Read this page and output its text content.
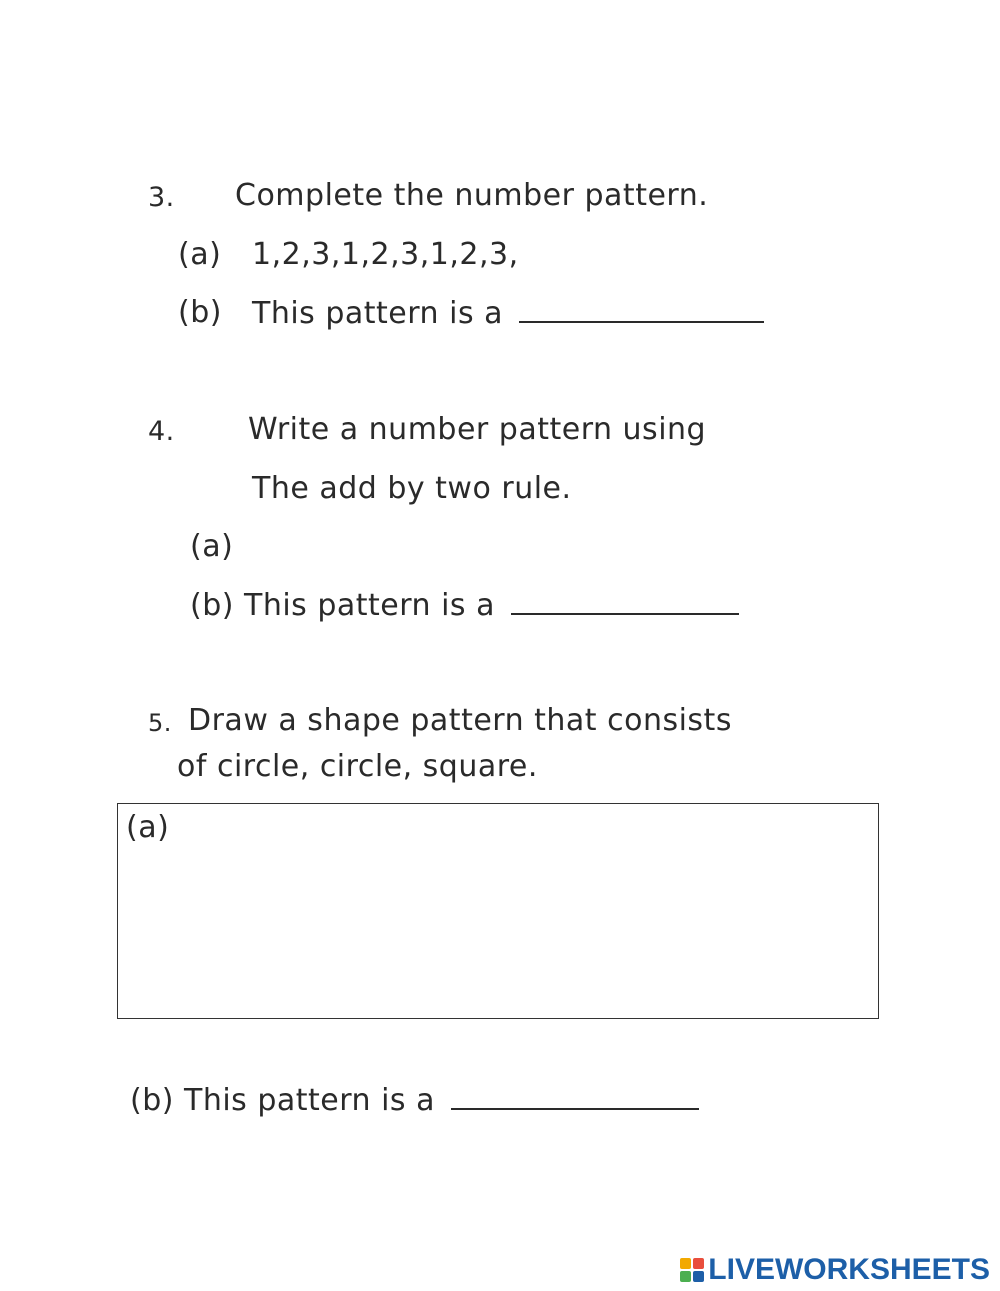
3. Complete the number pattern.
(a) 1,2,3,1,2,3,1,2,3,
(b) This pattern is a
4. Write a number pattern using
The add by two rule.
(a)
(b) This pattern is a
5. Draw a shape pattern that consists
of circle, circle, square.
(a)
(b) This pattern is a
LIVEWORKSHEETS
